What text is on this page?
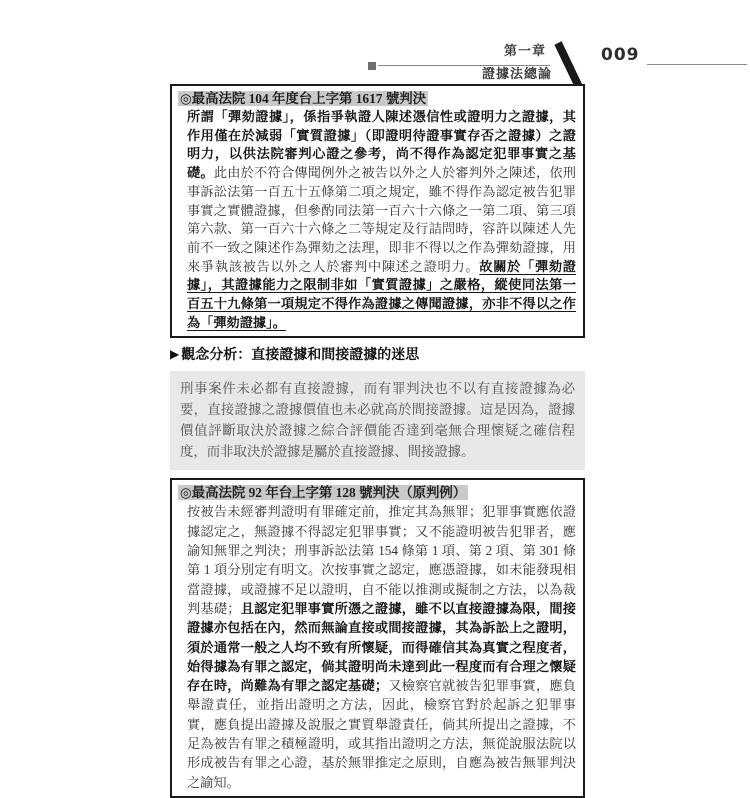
第一章
證據法總論
009
◎最高法院 104 年度台上字第 1617 號判決
所謂「彈劾證據」，係指爭執證人陳述憑信性或證明力之證據，其作用僅在於減弱「實質證據」（即證明待證事實存否之證據）之證明力，以供法院審判心證之參考，尚不得作為認定犯罪事實之基礎。此由於不符合傳聞例外之被告以外之人於審判外之陳述，依刑事訴訟法第一百五十五條第二項之規定，雖不得作為認定被告犯罪事實之實體證據，但參酌同法第一百六十六條之一第二項、第三項第六款、第一百六十六條之二等規定及行詰問時，容許以陳述人先前不一致之陳述作為彈劾之法理，即非不得以之作為彈劾證據，用來爭執該被告以外之人於審判中陳述之證明力。故關於「彈劾證據」，其證據能力之限制非如「實質證據」之嚴格，縱使同法第一百五十九條第一項規定不得作為證據之傳聞證據，亦非不得以之作為「彈劾證據」。
▶ 觀念分析：直接證據和間接證據的迷思
刑事案件未必都有直接證據，而有罪判決也不以有直接證據為必要，直接證據之證據價值也未必就高於間接證據。這是因為，證據價值評斷取決於證據之綜合評價能否達到毫無合理懷疑之確信程度，而非取決於證據是屬於直接證據、間接證據。
◎最高法院 92 年台上字第 128 號判決（原判例）
按被告未經審判證明有罪確定前，推定其為無罪；犯罪事實應依證據認定之，無證據不得認定犯罪事實；又不能證明被告犯罪者，應諭知無罪之判決；刑事訴訟法第 154 條第 1 項、第 2 項、第 301 條第 1 項分別定有明文。次按事實之認定，應憑證據，如未能發現相當證據，或證據不足以證明，自不能以推測或擬制之方法，以為裁判基礎；且認定犯罪事實所憑之證據，雖不以直接證據為限，間接證據亦包括在內，然而無論直接或間接證據，其為訴訟上之證明，須於通常一般之人均不致有所懷疑，而得確信其為真實之程度者，始得據為有罪之認定，倘其證明尚未達到此一程度而有合理之懷疑存在時，尚難為有罪之認定基礎；又檢察官就被告犯罪事實，應負舉證責任，並指出證明之方法，因此，檢察官對於起訴之犯罪事實，應負提出證據及說服之實質舉證責任，倘其所提出之證據，不足為被告有罪之積極證明，或其指出證明之方法，無從說服法院以形成被告有罪之心證，基於無罪推定之原則，自應為被告無罪判決之諭知。
